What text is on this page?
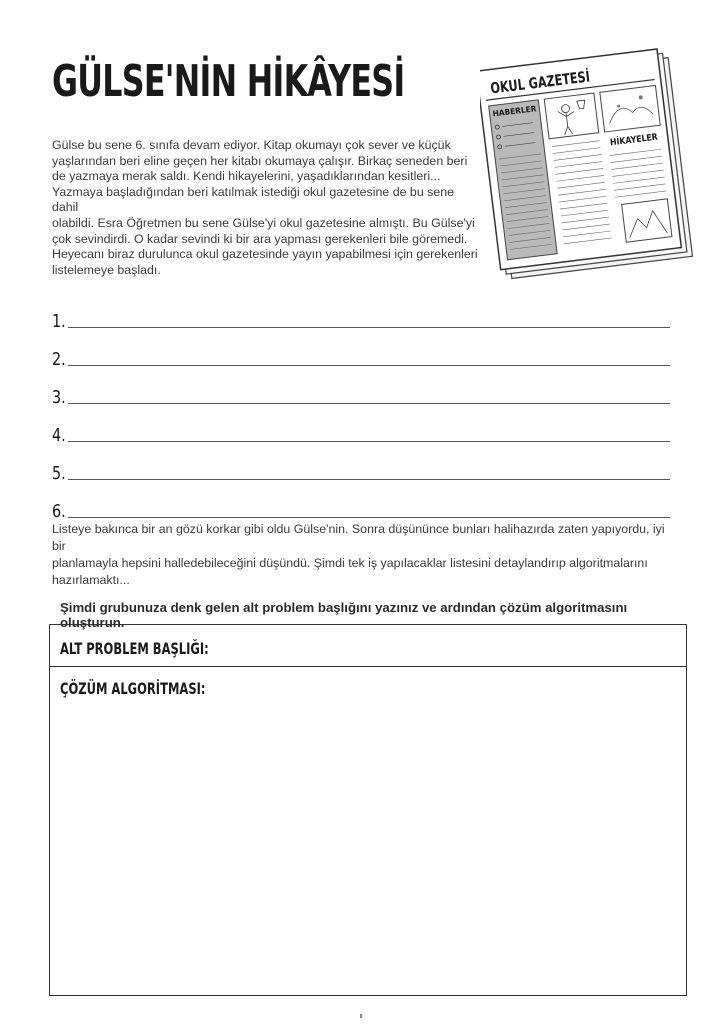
GÜLSE'NİN HİKÂYESİ

Gülse bu sene 6. sınıfa devam ediyor. Kitap okumayı çok sever ve küçük

yaşlarından beri eline geçen her kitabı okumaya çalışır. Birkaç seneden beri

de yazmaya merak saldı. Kendi hikayelerini, yaşadıklarından kesitleri...

Yazmaya başladığından beri katılmak istediği okul gazetesine de bu sene dahil

olabildi. Esra Öğretmen bu sene Gülse'yi okul gazetesine almıştı. Bu Gülse'yi

çok sevindirdi. O kadar sevindi ki bir ara yapması gerekenleri bile göremedi.

Heyecanı biraz durulunca okul gazetesinde yayın yapabilmesi için gerekenleri

listelemeye başladı.

OKUL GAZETESİ
HABERLER
HİKAYELER
1.
2.
3.
4.
5.
6.
Listeye bakınca bir an gözü korkar gibi oldu Gülse'nin. Sonra düşününce bunları halihazırda zaten yapıyordu, iyi bir
planlamayla hepsini halledebileceğini düşündü. Şimdi tek iş yapılacaklar listesini detaylandırıp algoritmalarını
hazırlamaktı...
Şimdi grubunuza denk gelen alt problem başlığını yazınız ve ardından çözüm algoritmasını oluşturun.
ALT PROBLEM BAŞLIĞI:
ÇÖZÜM ALGORİTMASI:
